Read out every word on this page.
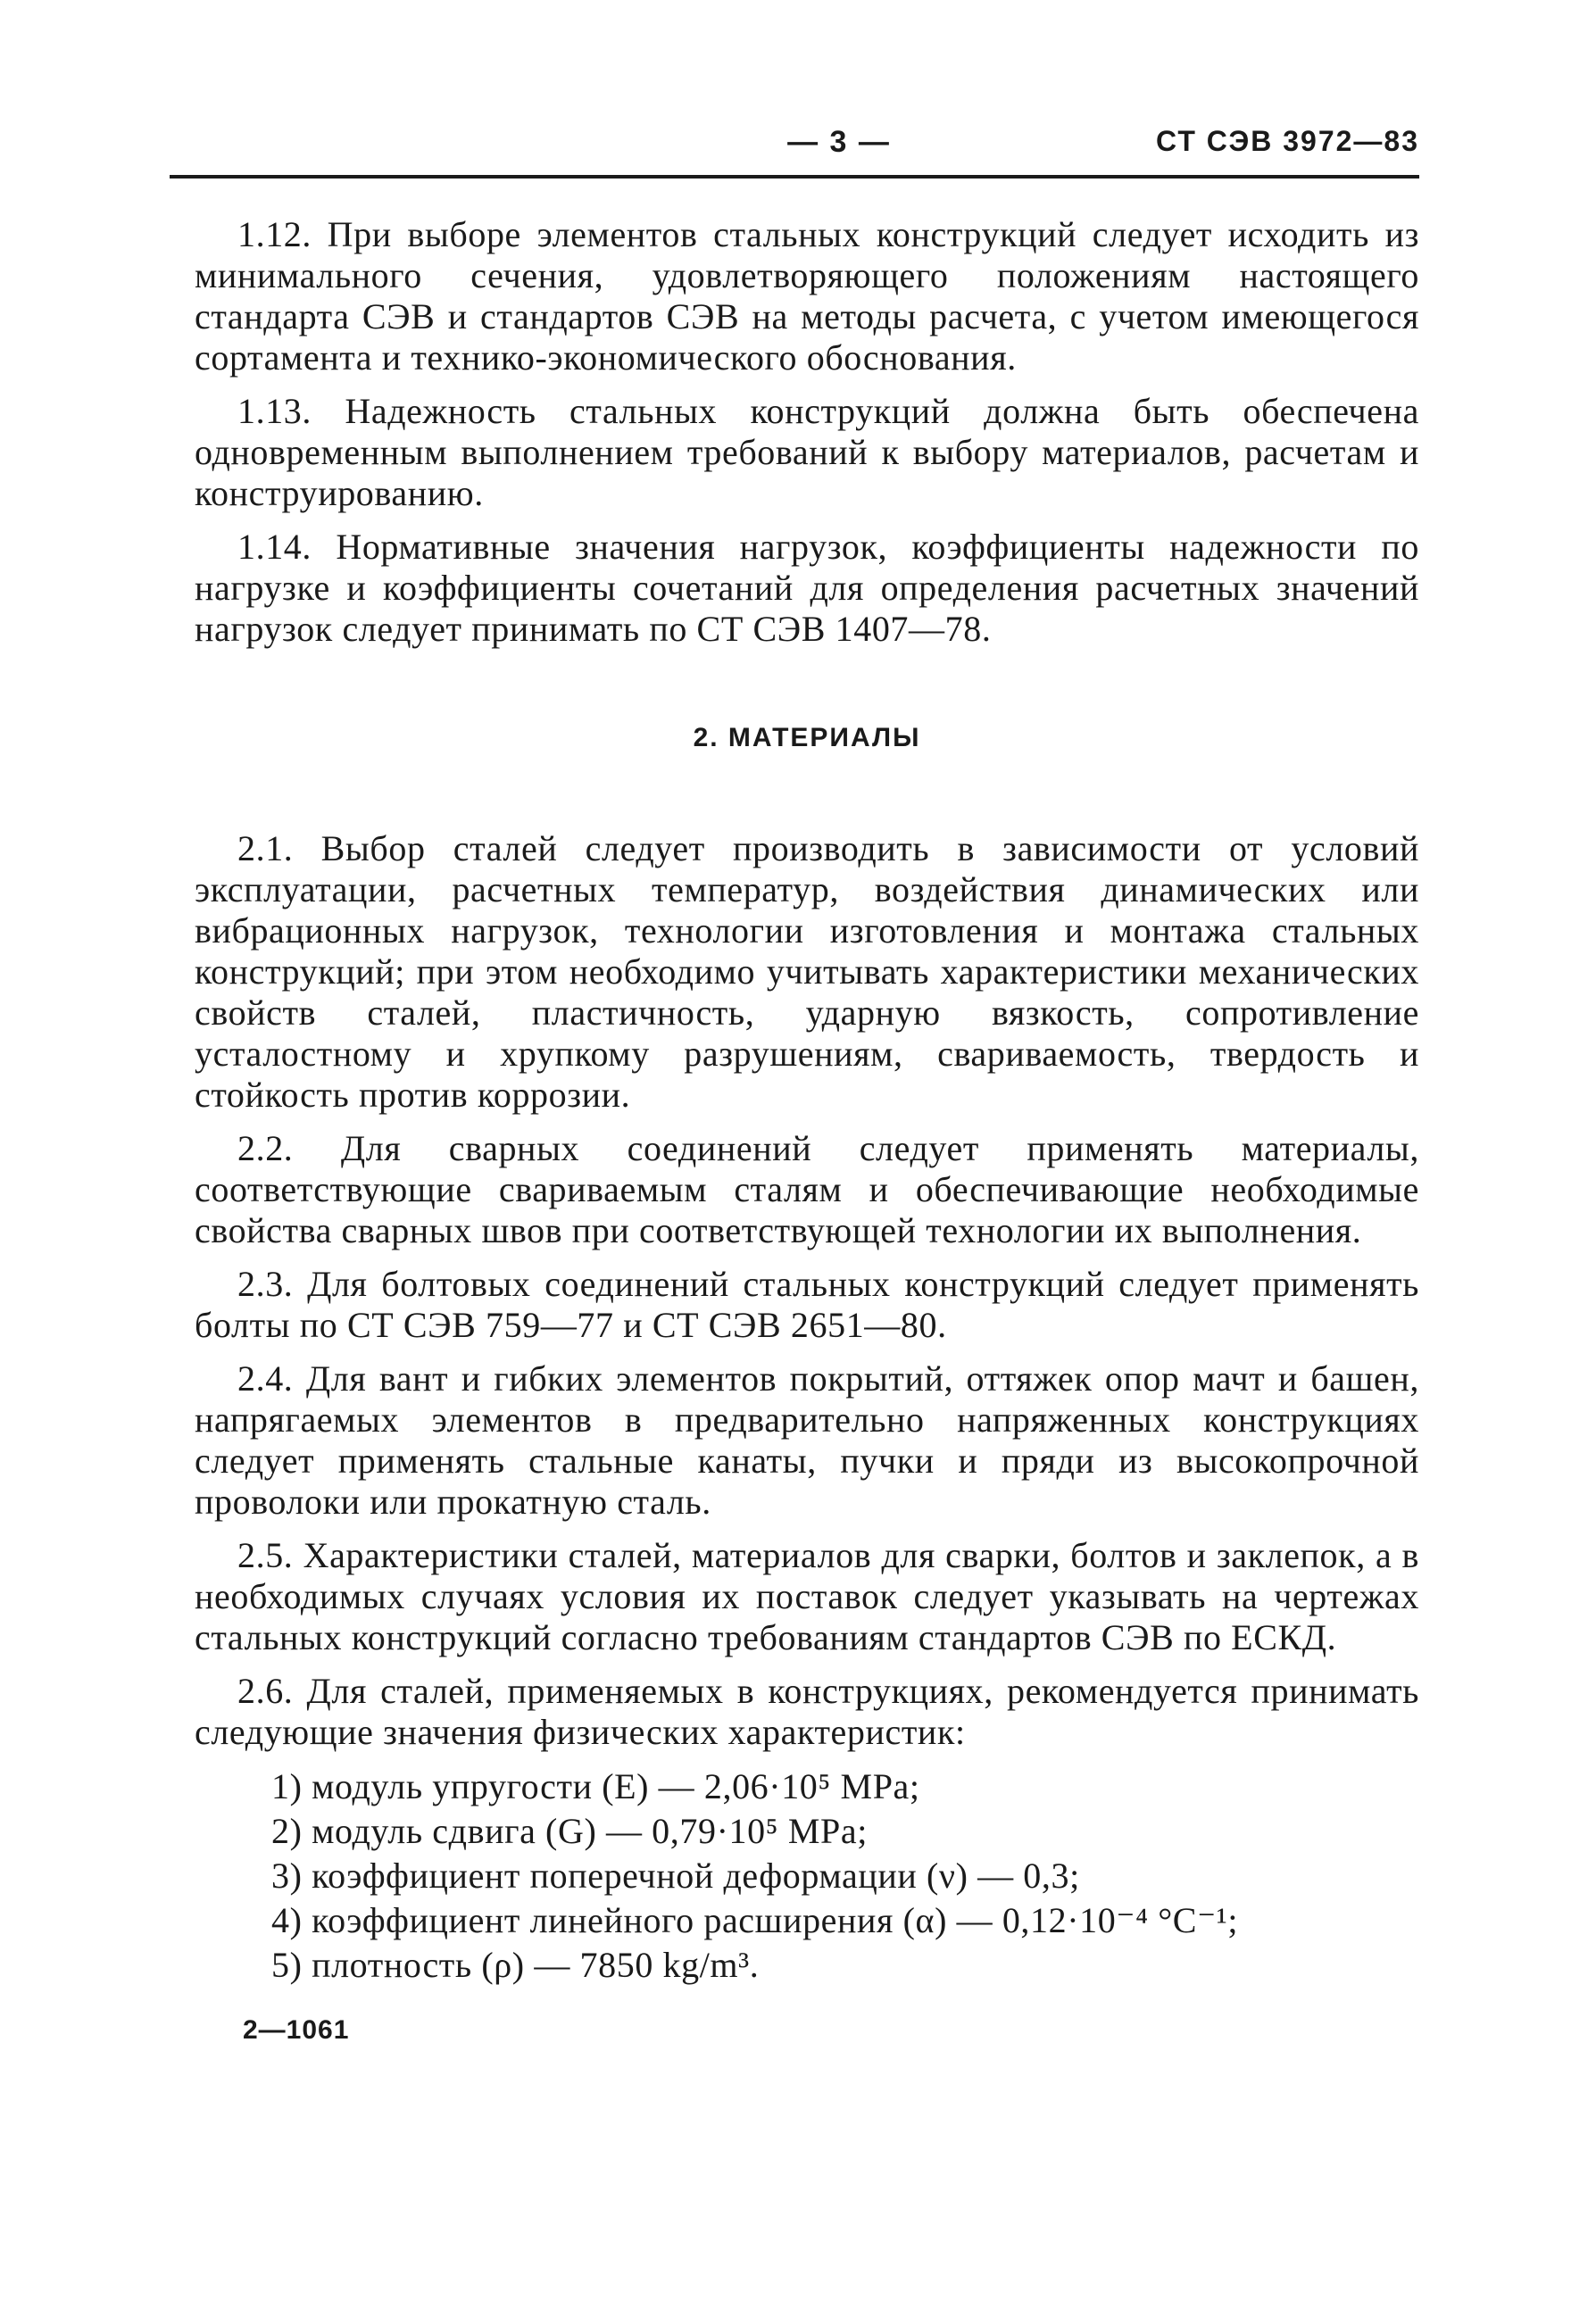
— 3 —	СТ СЭВ 3972—83

1.12. При выборе элементов стальных конструкций следует исходить из минимального сечения, удовлетворяющего положениям настоящего стандарта СЭВ и стандартов СЭВ на методы расчета, с учетом имеющегося сортамента и технико-экономического обоснования.

1.13. Надежность стальных конструкций должна быть обеспечена одновременным выполнением требований к выбору материалов, расчетам и конструированию.

1.14. Нормативные значения нагрузок, коэффициенты надежности по нагрузке и коэффициенты сочетаний для определения расчетных значений нагрузок следует принимать по СТ СЭВ 1407—78.

2. МАТЕРИАЛЫ

2.1. Выбор сталей следует производить в зависимости от условий эксплуатации, расчетных температур, воздействия динамических или вибрационных нагрузок, технологии изготовления и монтажа стальных конструкций; при этом необходимо учитывать характеристики механических свойств сталей, пластичность, ударную вязкость, сопротивление усталостному и хрупкому разрушениям, свариваемость, твердость и стойкость против коррозии.

2.2. Для сварных соединений следует применять материалы, соответствующие свариваемым сталям и обеспечивающие необходимые свойства сварных швов при соответствующей технологии их выполнения.

2.3. Для болтовых соединений стальных конструкций следует применять болты по СТ СЭВ 759—77 и СТ СЭВ 2651—80.

2.4. Для вант и гибких элементов покрытий, оттяжек опор мачт и башен, напрягаемых элементов в предварительно напряженных конструкциях следует применять стальные канаты, пучки и пряди из высокопрочной проволоки или прокатную сталь.

2.5. Характеристики сталей, материалов для сварки, болтов и заклепок, а в необходимых случаях условия их поставок следует указывать на чертежах стальных конструкций согласно требованиям стандартов СЭВ по ЕСКД.

2.6. Для сталей, применяемых в конструкциях, рекомендуется принимать следующие значения физических характеристик:

1) модуль упругости (E) — 2,06·10⁵ MPa;
2) модуль сдвига (G) — 0,79·10⁵ MPa;
3) коэффициент поперечной деформации (ν) — 0,3;
4) коэффициент линейного расширения (α) — 0,12·10⁻⁴ °C⁻¹;
5) плотность (ρ) — 7850 kg/m³.
2—1061
